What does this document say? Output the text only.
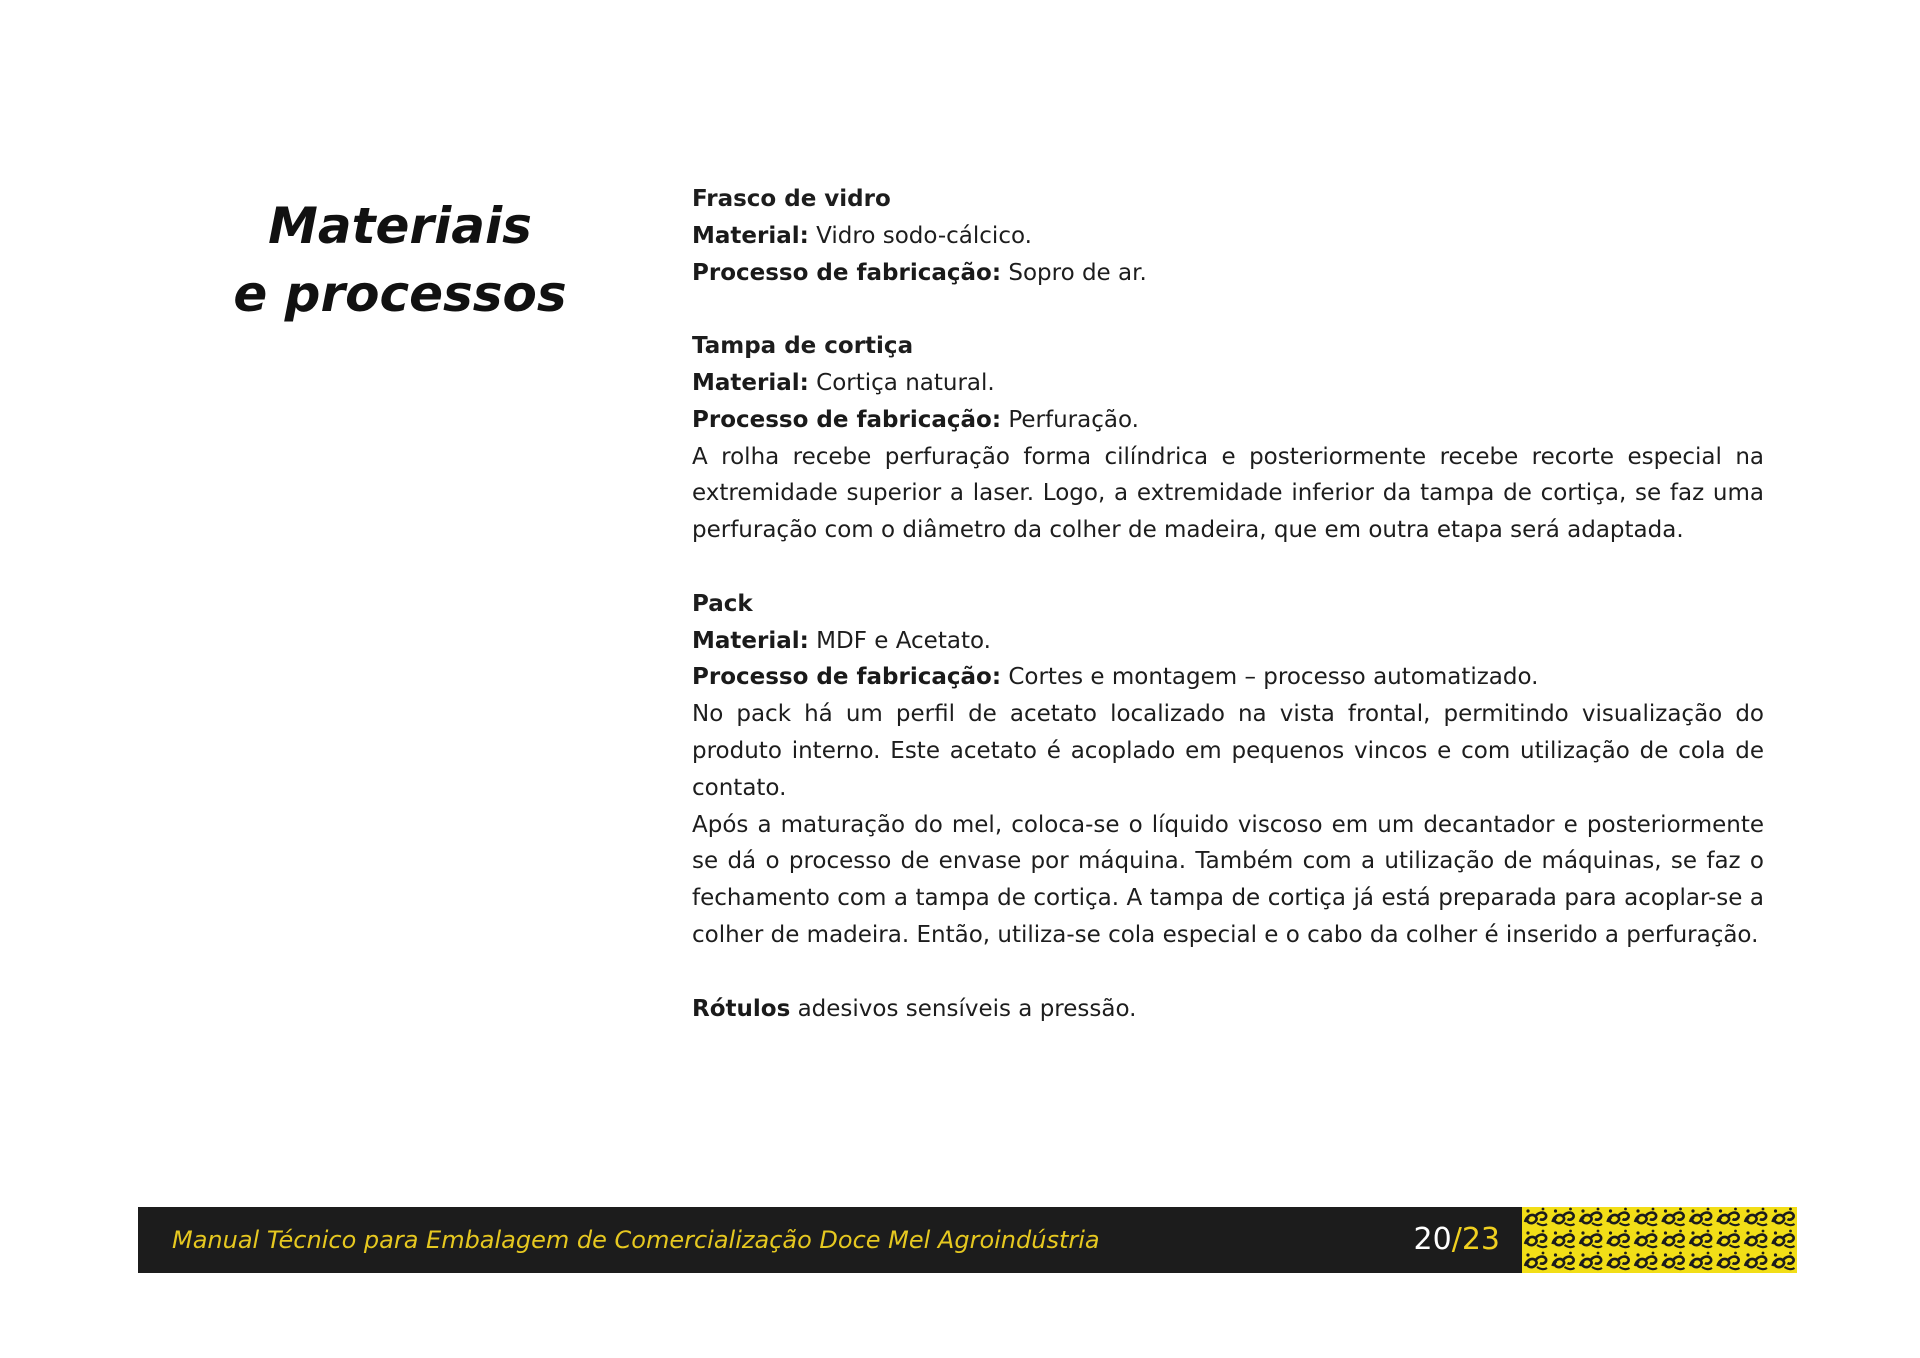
Materiais
e processos

Frasco de vidro

Material: Vidro sodo-cálcico.

Processo de fabricação: Sopro de ar.

Tampa de cortiça

Material: Cortiça natural.

Processo de fabricação: Perfuração.

A rolha recebe perfuração forma cilíndrica e posteriormente recebe recorte especial na extremidade superior a laser. Logo, a extremidade inferior da tampa de cortiça, se faz uma perfuração com o diâmetro da colher de madeira, que em outra etapa será adaptada.

Pack

Material: MDF e Acetato.

Processo de fabricação: Cortes e montagem – processo automatizado.

No pack há um perfil de acetato localizado na vista frontal, permitindo visualização do produto interno. Este acetato é acoplado em pequenos vincos e com utilização de cola de contato.

Após a maturação do mel, coloca-se o líquido viscoso em um decantador e posteriormente se dá o processo de envase por máquina. Também com a utilização de máquinas, se faz o fechamento com a tampa de cortiça. A tampa de cortiça já está preparada para acoplar-se a colher de madeira. Então, utiliza-se cola especial e o cabo da colher é inserido a perfuração.

Rótulos adesivos sensíveis a pressão.

Manual Técnico para Embalagem de Comercialização Doce Mel Agroindústria	20/23
